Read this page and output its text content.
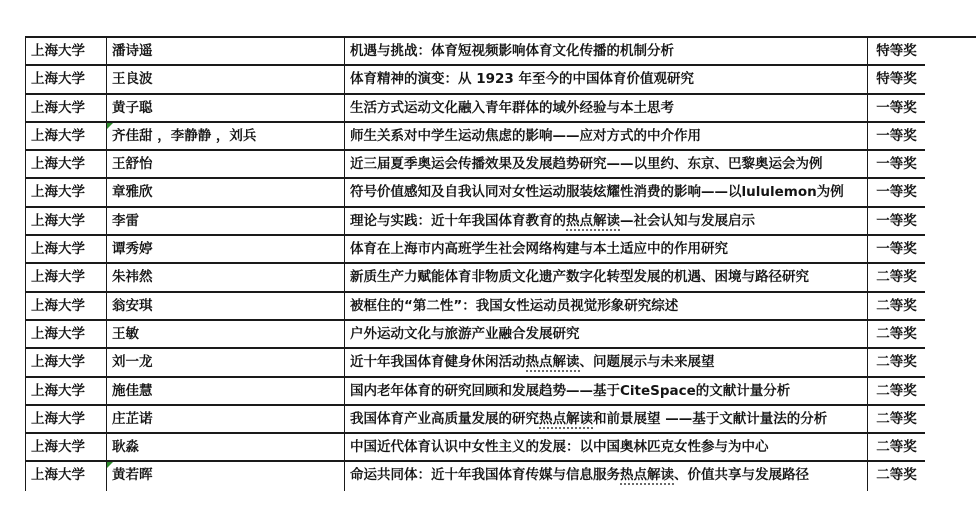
上海大学	潘诗遥	机遇与挑战：体育短视频影响体育文化传播的机制分析	特等奖
上海大学	王良波	体育精神的演变：从 1923 年至今的中国体育价值观研究	特等奖
上海大学	黄子聪	生活方式运动文化融入青年群体的域外经验与本土思考	一等奖
上海大学	齐佳甜 ，李静静 ，刘兵	师生关系对中学生运动焦虑的影响——应对方式的中介作用	一等奖
上海大学	王舒怡	近三届夏季奥运会传播效果及发展趋势研究——以里约、东京、巴黎奥运会为例	一等奖
上海大学	章雅欣	符号价值感知及自我认同对女性运动服装炫耀性消费的影响——以lululemon为例	一等奖
上海大学	李雷	理论与实践：近十年我国体育教育的热点解读—社会认知与发展启示	一等奖
上海大学	谭秀婷	体育在上海市内高班学生社会网络构建与本土适应中的作用研究	一等奖
上海大学	朱祎然	新质生产力赋能体育非物质文化遗产数字化转型发展的机遇、困境与路径研究	二等奖
上海大学	翁安琪	被框住的“第二性”：我国女性运动员视觉形象研究综述	二等奖
上海大学	王敏	户外运动文化与旅游产业融合发展研究	二等奖
上海大学	刘一龙	近十年我国体育健身休闲活动热点解读、问题展示与未来展望	二等奖
上海大学	施佳慧	国内老年体育的研究回顾和发展趋势——基于CiteSpace的文献计量分析	二等奖
上海大学	庄芷诺	我国体育产业高质量发展的研究热点解读和前景展望 ——基于文献计量法的分析	二等奖
上海大学	耿淼	中国近代体育认识中女性主义的发展：以中国奥林匹克女性参与为中心	二等奖
上海大学	黄若晖	命运共同体：近十年我国体育传媒与信息服务热点解读、价值共享与发展路径	二等奖
